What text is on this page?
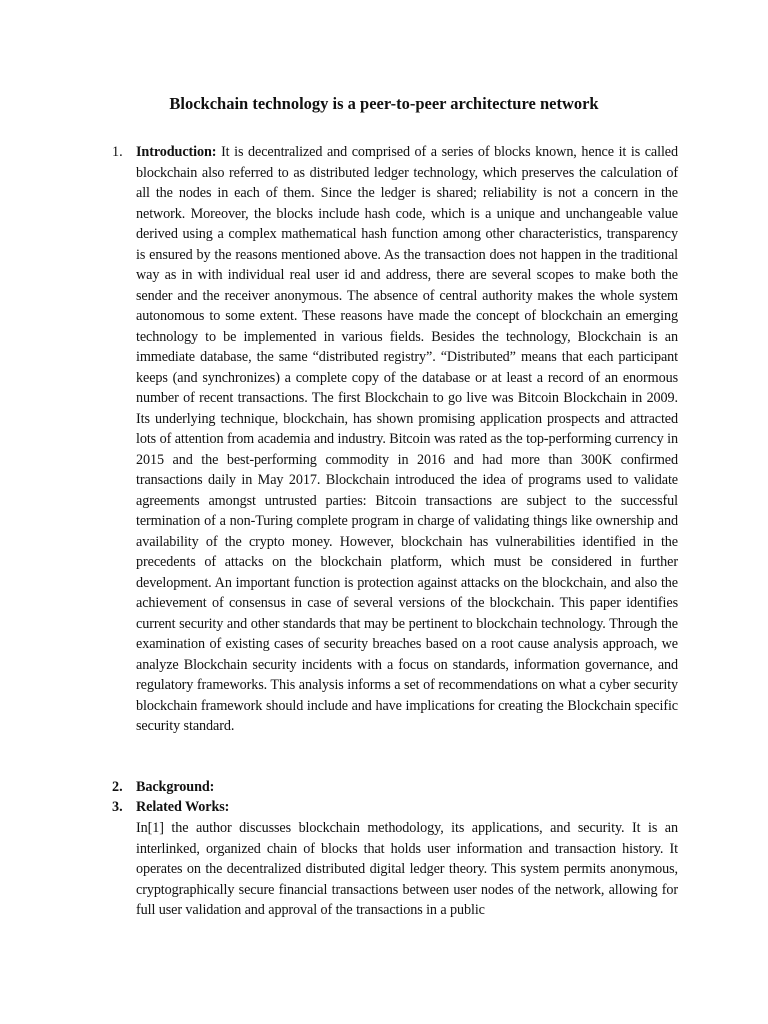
Blockchain technology is a peer-to-peer architecture network
1. Introduction: It is decentralized and comprised of a series of blocks known, hence it is called blockchain also referred to as distributed ledger technology, which preserves the calculation of all the nodes in each of them. Since the ledger is shared; reliability is not a concern in the network. Moreover, the blocks include hash code, which is a unique and unchangeable value derived using a complex mathematical hash function among other characteristics, transparency is ensured by the reasons mentioned above. As the transaction does not happen in the traditional way as in with individual real user id and address, there are several scopes to make both the sender and the receiver anonymous. The absence of central authority makes the whole system autonomous to some extent. These reasons have made the concept of blockchain an emerging technology to be implemented in various fields. Besides the technology, Blockchain is an immediate database, the same “distributed registry”. “Distributed” means that each participant keeps (and synchronizes) a complete copy of the database or at least a record of an enormous number of recent transactions. The first Blockchain to go live was Bitcoin Blockchain in 2009. Its underlying technique, blockchain, has shown promising application prospects and attracted lots of attention from academia and industry. Bitcoin was rated as the top-performing currency in 2015 and the best-performing commodity in 2016 and had more than 300K confirmed transactions daily in May 2017. Blockchain introduced the idea of programs used to validate agreements amongst untrusted parties: Bitcoin transactions are subject to the successful termination of a non-Turing complete program in charge of validating things like ownership and availability of the crypto money. However, blockchain has vulnerabilities identified in the precedents of attacks on the blockchain platform, which must be considered in further development. An important function is protection against attacks on the blockchain, and also the achievement of consensus in case of several versions of the blockchain. This paper identifies current security and other standards that may be pertinent to blockchain technology. Through the examination of existing cases of security breaches based on a root cause analysis approach, we analyze Blockchain security incidents with a focus on standards, information governance, and regulatory frameworks. This analysis informs a set of recommendations on what a cyber security blockchain framework should include and have implications for creating the Blockchain specific security standard.
2. Background:
3. Related Works:

In[1] the author discusses blockchain methodology, its applications, and security. It is an interlinked, organized chain of blocks that holds user information and transaction history. It operates on the decentralized distributed digital ledger theory. This system permits anonymous, cryptographically secure financial transactions between user nodes of the network, allowing for full user validation and approval of the transactions in a public
